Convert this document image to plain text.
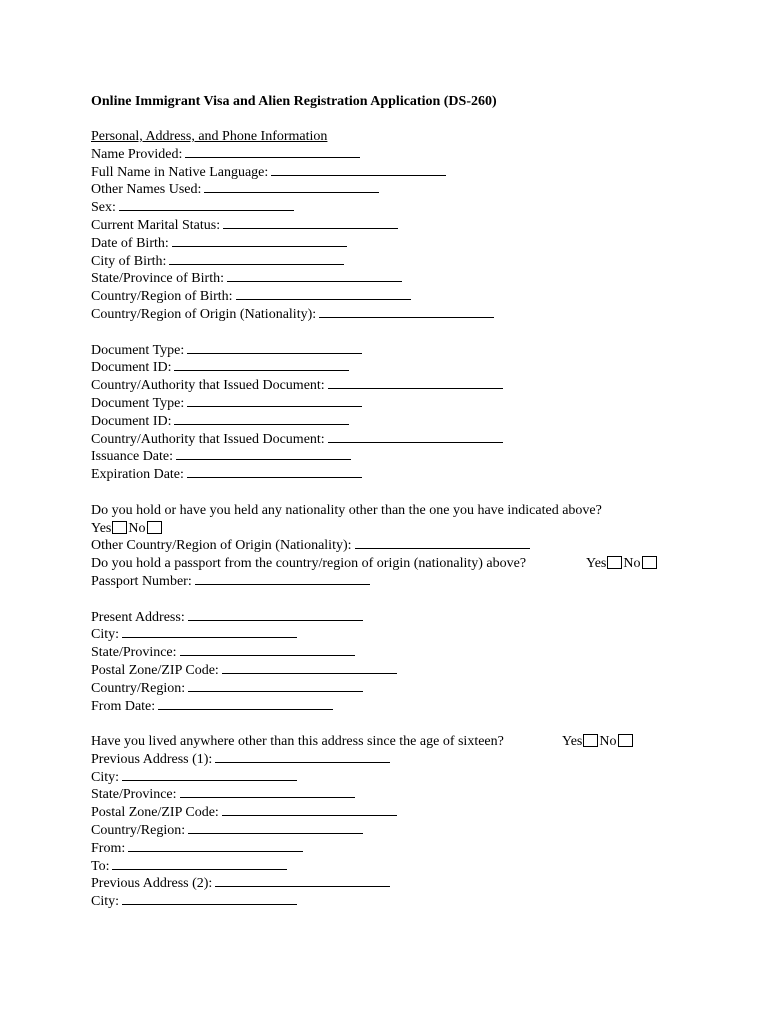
Online Immigrant Visa and Alien Registration Application (DS-260)
Personal, Address, and Phone Information
Name Provided:
Full Name in Native Language:
Other Names Used:
Sex:
Current Marital Status:
Date of Birth:
City of Birth:
State/Province of Birth:
Country/Region of Birth:
Country/Region of Origin (Nationality):
Document Type:
Document ID:
Country/Authority that Issued Document:
Document Type:
Document ID:
Country/Authority that Issued Document:
Issuance Date:
Expiration Date:
Do you hold or have you held any nationality other than the one you have indicated above?
Yes No
Other Country/Region of Origin (Nationality):
Do you hold a passport from the country/region of origin (nationality) above?	Yes No
Passport Number:
Present Address:
City:
State/Province:
Postal Zone/ZIP Code:
Country/Region:
From Date:
Have you lived anywhere other than this address since the age of sixteen?	Yes No
Previous Address (1):
City:
State/Province:
Postal Zone/ZIP Code:
Country/Region:
From:
To:
Previous Address (2):
City:
